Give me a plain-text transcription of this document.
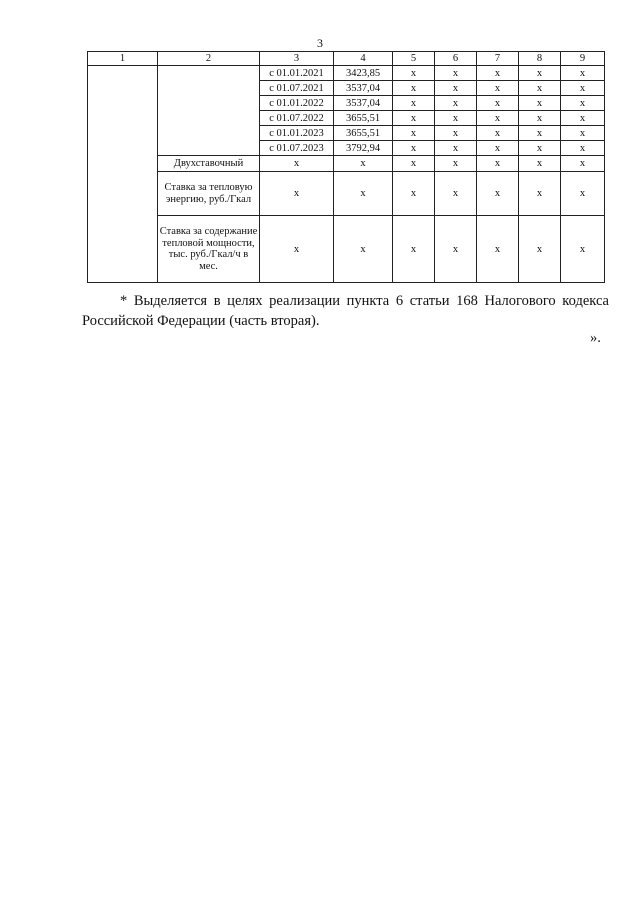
3
1	2	3	4	5	6	7	8	9
		с 01.01.2021	3423,85	х	х	х	х	х
		с 01.07.2021	3537,04	х	х	х	х	х
		с 01.01.2022	3537,04	х	х	х	х	х
		с 01.07.2022	3655,51	х	х	х	х	х
		с 01.01.2023	3655,51	х	х	х	х	х
		с 01.07.2023	3792,94	х	х	х	х	х
	Двухставочный	х	х	х	х	х	х	х
	Ставка за тепловую энергию, руб./Гкал	х	х	х	х	х	х	х
	Ставка за содержание тепловой мощности, тыс. руб./Гкал/ч в мес.	х	х	х	х	х	х	х

* Выделяется в целях реализации пункта 6 статьи 168 Налогового кодекса Российской Федерации (часть вторая).

».
